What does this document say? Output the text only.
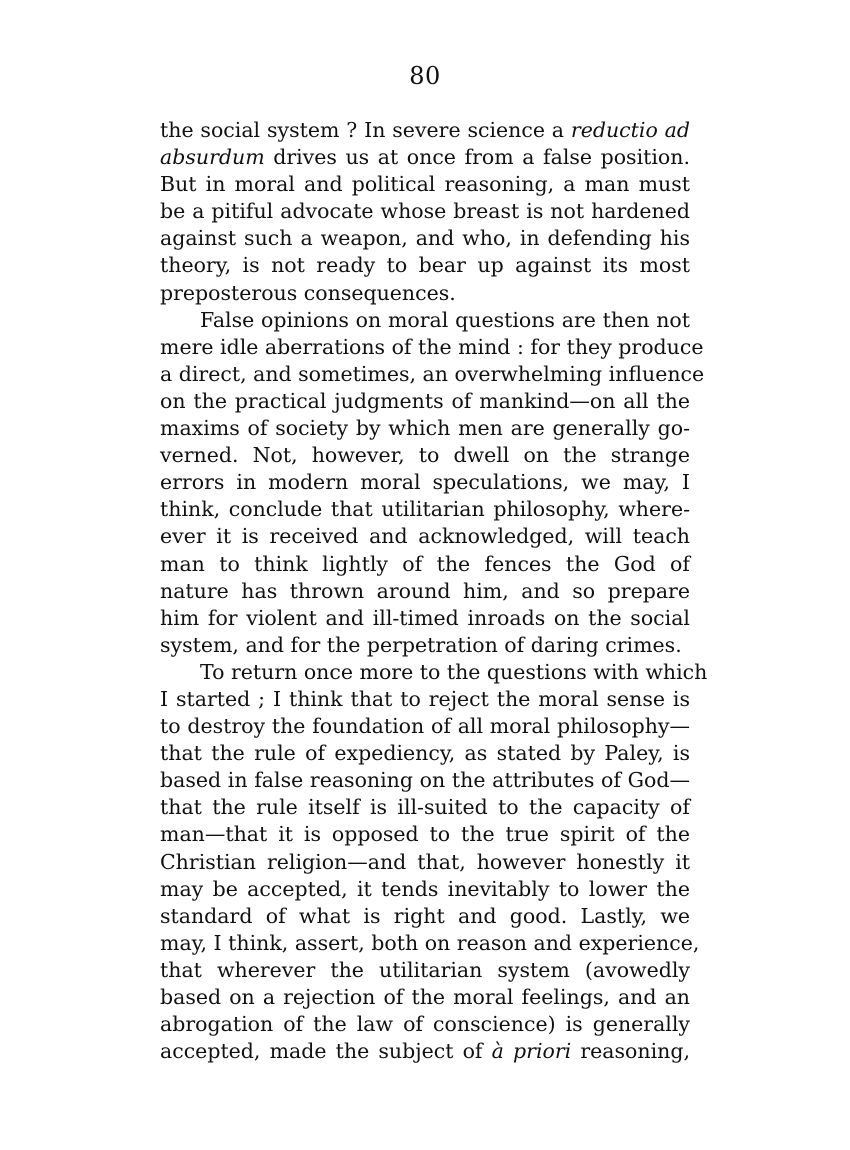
80
the social system ? In severe science a reductio ad
absurdum drives us at once from a false position.
But in moral and political reasoning, a man must
be a pitiful advocate whose breast is not hardened
against such a weapon, and who, in defending his
theory, is not ready to bear up against its most
preposterous consequences.
False opinions on moral questions are then not
mere idle aberrations of the mind : for they produce
a direct, and sometimes, an overwhelming influence
on the practical judgments of mankind—on all the
maxims of society by which men are generally go-
verned. Not, however, to dwell on the strange
errors in modern moral speculations, we may, I
think, conclude that utilitarian philosophy, where-
ever it is received and acknowledged, will teach
man to think lightly of the fences the God of
nature has thrown around him, and so prepare
him for violent and ill-timed inroads on the social
system, and for the perpetration of daring crimes.
To return once more to the questions with which
I started ; I think that to reject the moral sense is
to destroy the foundation of all moral philosophy—
that the rule of expediency, as stated by Paley, is
based in false reasoning on the attributes of God—
that the rule itself is ill-suited to the capacity of
man—that it is opposed to the true spirit of the
Christian religion—and that, however honestly it
may be accepted, it tends inevitably to lower the
standard of what is right and good. Lastly, we
may, I think, assert, both on reason and experience,
that wherever the utilitarian system (avowedly
based on a rejection of the moral feelings, and an
abrogation of the law of conscience) is generally
accepted, made the subject of à priori reasoning,
